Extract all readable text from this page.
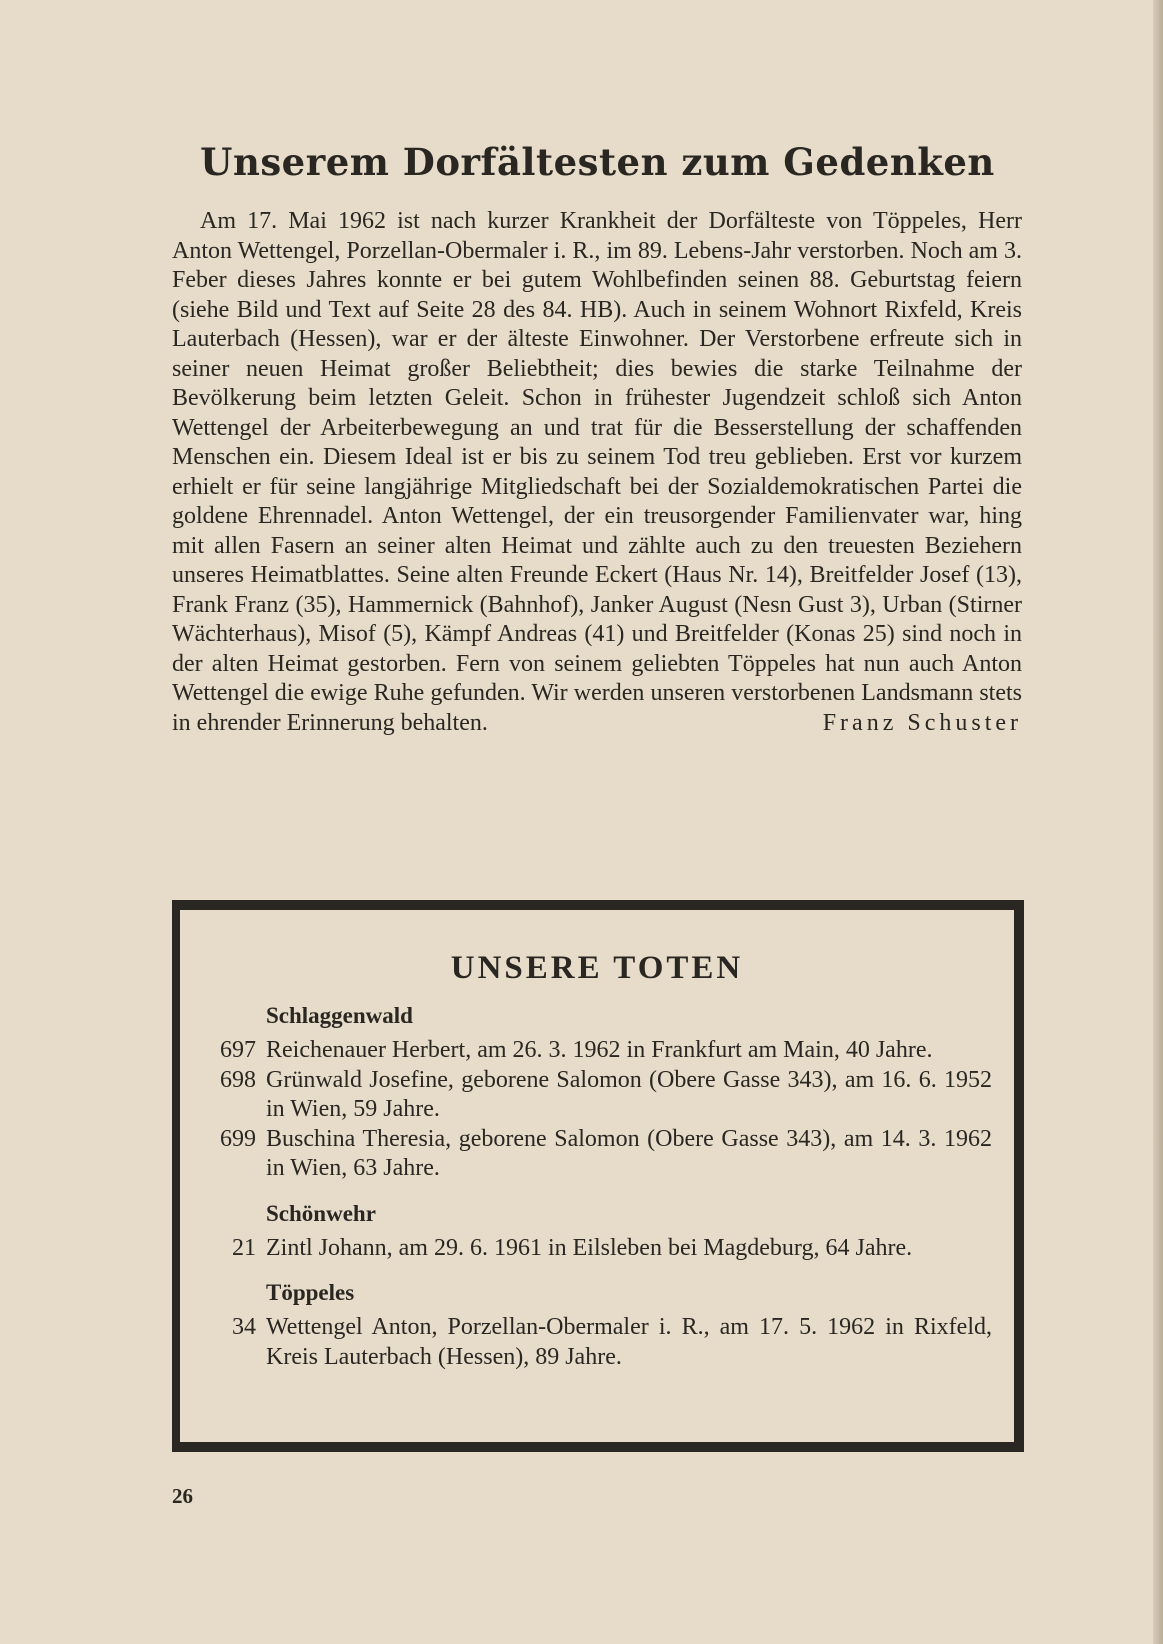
Unserem Dorfältesten zum Gedenken

Am 17. Mai 1962 ist nach kurzer Krankheit der Dorfälteste von Töppeles, Herr Anton Wettengel, Porzellan-Obermaler i. R., im 89. Lebens-Jahr verstorben. Noch am 3. Feber dieses Jahres konnte er bei gutem Wohlbefinden seinen 88. Geburtstag feiern (siehe Bild und Text auf Seite 28 des 84. HB). Auch in seinem Wohnort Rixfeld, Kreis Lauterbach (Hessen), war er der älteste Einwohner. Der Verstorbene erfreute sich in seiner neuen Heimat großer Beliebtheit; dies bewies die starke Teilnahme der Bevölkerung beim letzten Geleit. Schon in frühester Jugendzeit schloß sich Anton Wettengel der Arbeiterbewegung an und trat für die Besserstellung der schaffenden Menschen ein. Diesem Ideal ist er bis zu seinem Tod treu geblieben. Erst vor kurzem erhielt er für seine langjährige Mitgliedschaft bei der Sozialdemokratischen Partei die goldene Ehrennadel. Anton Wettengel, der ein treusorgender Familienvater war, hing mit allen Fasern an seiner alten Heimat und zählte auch zu den treuesten Beziehern unseres Heimatblattes. Seine alten Freunde Eckert (Haus Nr. 14), Breitfelder Josef (13), Frank Franz (35), Hammernick (Bahnhof), Janker August (Nesn Gust 3), Urban (Stirner Wächterhaus), Misof (5), Kämpf Andreas (41) und Breitfelder (Konas 25) sind noch in der alten Heimat gestorben. Fern von seinem geliebten Töppeles hat nun auch Anton Wettengel die ewige Ruhe gefunden. Wir werden unseren verstorbenen Landsmann stets in ehrender Erinnerung behalten.	Franz Schuster

UNSERE TOTEN
Schlaggenwald
697 Reichenauer Herbert, am 26. 3. 1962 in Frankfurt am Main, 40 Jahre.
698 Grünwald Josefine, geborene Salomon (Obere Gasse 343), am 16. 6. 1952 in Wien, 59 Jahre.
699 Buschina Theresia, geborene Salomon (Obere Gasse 343), am 14. 3. 1962 in Wien, 63 Jahre.
Schönwehr
21 Zintl Johann, am 29. 6. 1961 in Eilsleben bei Magdeburg, 64 Jahre.
Töppeles
34 Wettengel Anton, Porzellan-Obermaler i. R., am 17. 5. 1962 in Rixfeld, Kreis Lauterbach (Hessen), 89 Jahre.
26
